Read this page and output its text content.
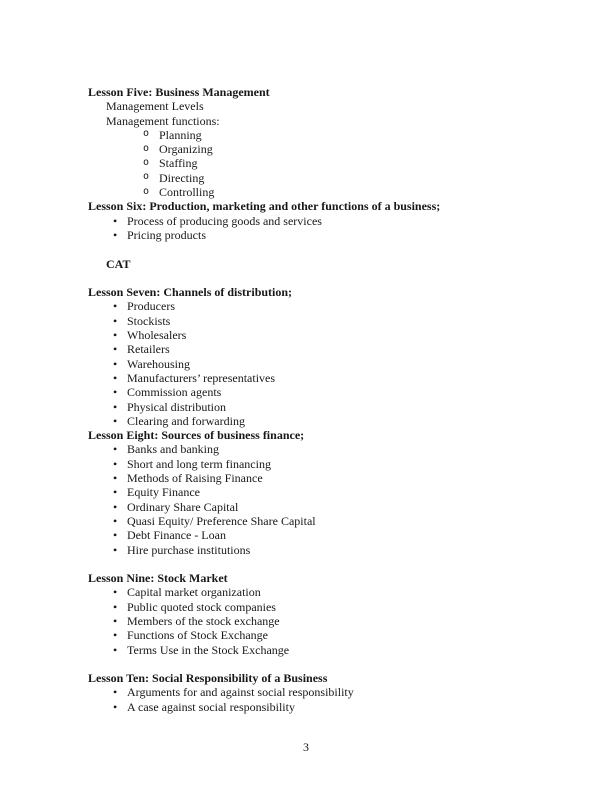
Lesson Five: Business Management
Management Levels
Management functions:
o Planning
o Organizing
o Staffing
o Directing
o Controlling
Lesson Six: Production, marketing and other functions of a business;
• Process of producing goods and services
• Pricing products
CAT
Lesson Seven: Channels of distribution;
• Producers
• Stockists
• Wholesalers
• Retailers
• Warehousing
• Manufacturers’ representatives
• Commission agents
• Physical distribution
• Clearing and forwarding
Lesson Eight: Sources of business finance;
• Banks and banking
• Short and long term financing
• Methods of Raising Finance
• Equity Finance
• Ordinary Share Capital
• Quasi Equity/ Preference Share Capital
• Debt Finance - Loan
• Hire purchase institutions
Lesson Nine: Stock Market
• Capital market organization
• Public quoted stock companies
• Members of the stock exchange
• Functions of Stock Exchange
• Terms Use in the Stock Exchange
Lesson Ten: Social Responsibility of a Business
• Arguments for and against social responsibility
• A case against social responsibility
3
